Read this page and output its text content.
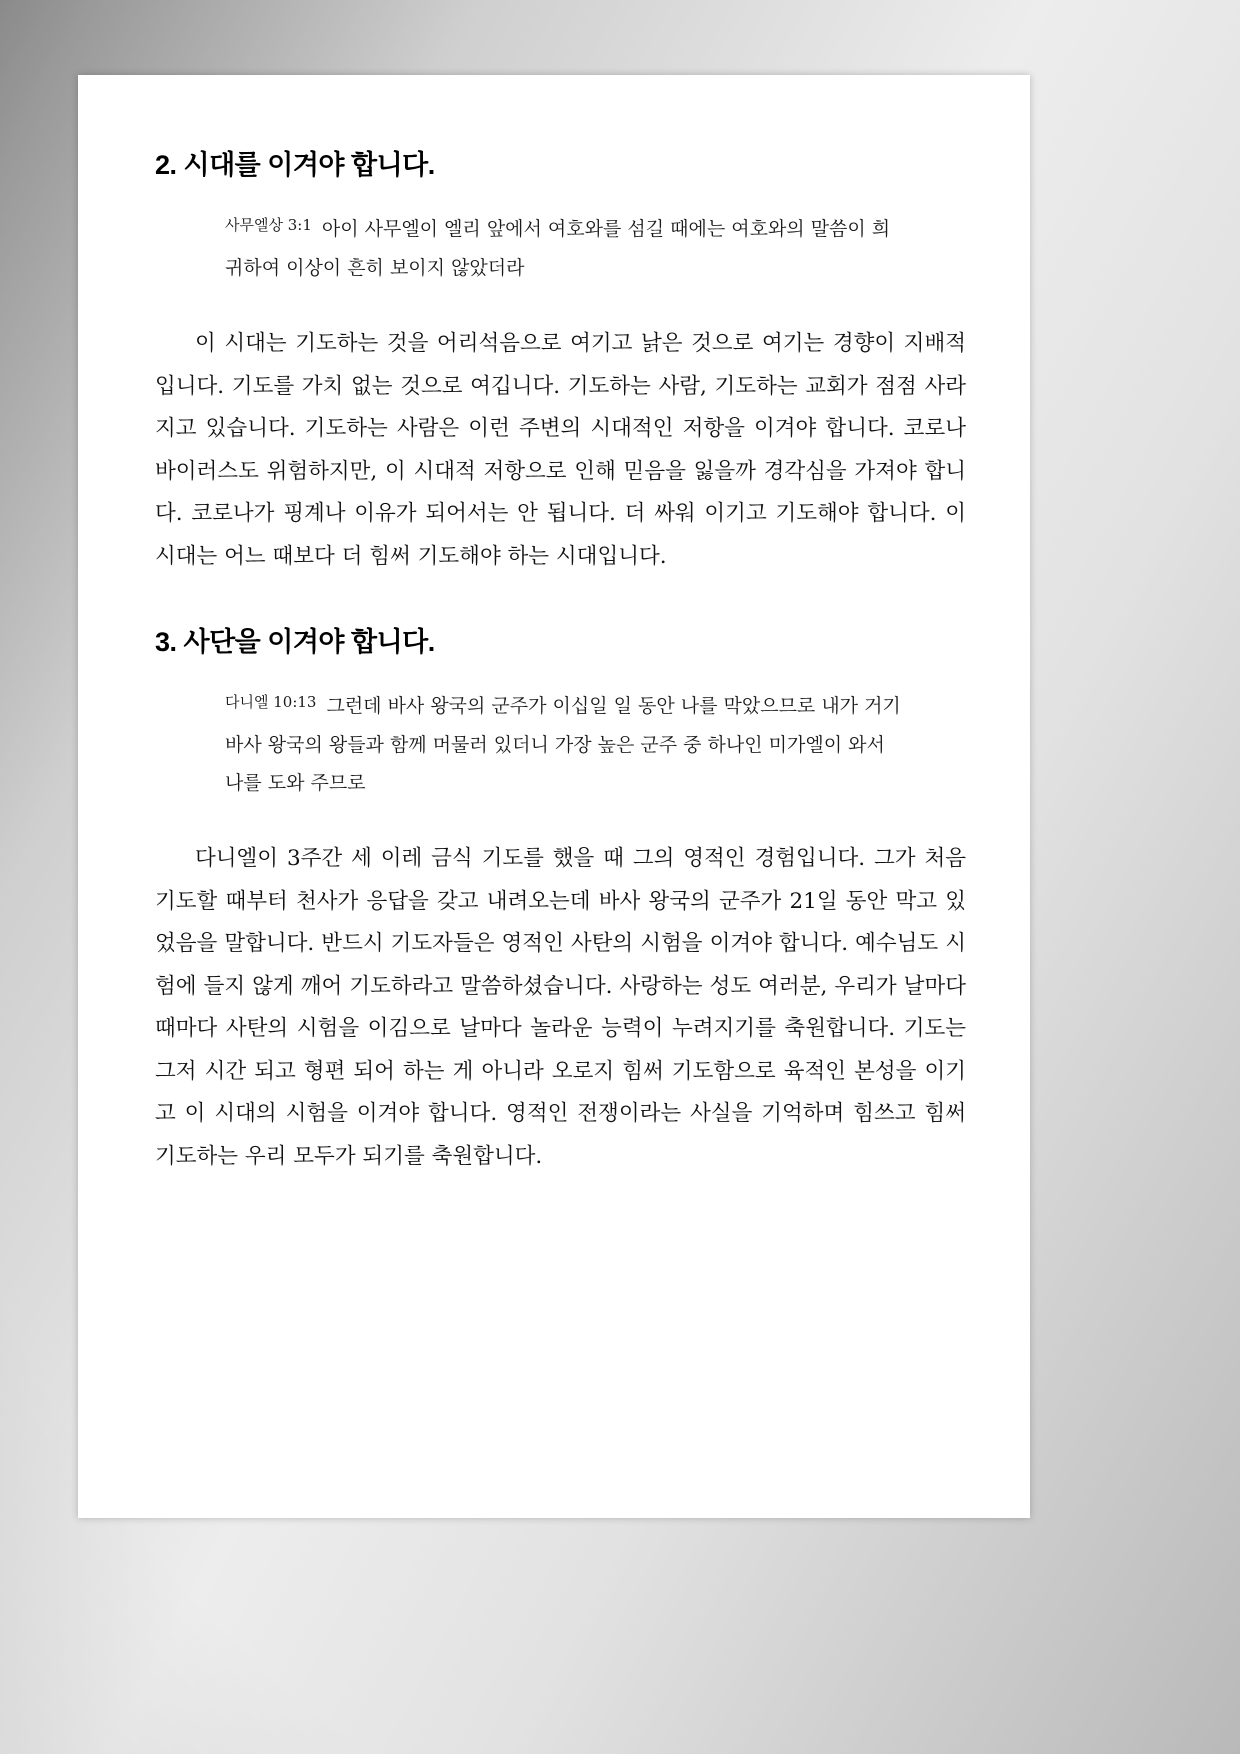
2. 시대를 이겨야 합니다.
$^{사무엘상 3:1}$ 아이 사무엘이 엘리 앞에서 여호와를 섬길 때에는 여호와의 말씀이 희귀하여 이상이 흔히 보이지 않았더라

이 시대는 기도하는 것을 어리석음으로 여기고 낡은 것으로 여기는 경향이 지배적입니다. 기도를 가치 없는 것으로 여깁니다. 기도하는 사람, 기도하는 교회가 점점 사라지고 있습니다. 기도하는 사람은 이런 주변의 시대적인 저항을 이겨야 합니다. 코로나 바이러스도 위험하지만, 이 시대적 저항으로 인해 믿음을 잃을까 경각심을 가져야 합니다. 코로나가 핑계나 이유가 되어서는 안 됩니다. 더 싸워 이기고 기도해야 합니다. 이 시대는 어느 때보다 더 힘써 기도해야 하는 시대입니다.

3. 사단을 이겨야 합니다.
$^{다니엘 10:13}$ 그런데 바사 왕국의 군주가 이십일 일 동안 나를 막았으므로 내가 거기 바사 왕국의 왕들과 함께 머물러 있더니 가장 높은 군주 중 하나인 미가엘이 와서 나를 도와 주므로

다니엘이 3주간 세 이레 금식 기도를 했을 때 그의 영적인 경험입니다. 그가 처음 기도할 때부터 천사가 응답을 갖고 내려오는데 바사 왕국의 군주가 21일 동안 막고 있었음을 말합니다. 반드시 기도자들은 영적인 사탄의 시험을 이겨야 합니다. 예수님도 시험에 들지 않게 깨어 기도하라고 말씀하셨습니다. 사랑하는 성도 여러분, 우리가 날마다 때마다 사탄의 시험을 이김으로 날마다 놀라운 능력이 누려지기를 축원합니다. 기도는 그저 시간 되고 형편 되어 하는 게 아니라 오로지 힘써 기도함으로 육적인 본성을 이기고 이 시대의 시험을 이겨야 합니다. 영적인 전쟁이라는 사실을 기억하며 힘쓰고 힘써 기도하는 우리 모두가 되기를 축원합니다.
